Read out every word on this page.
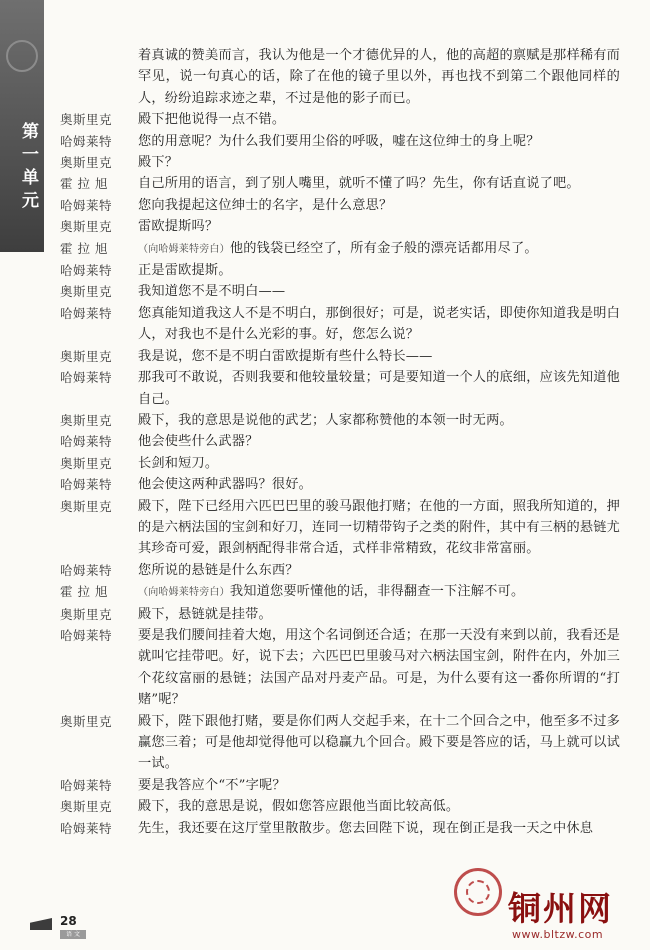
第一单元
着真诚的赞美而言，我认为他是一个才德优异的人，他的高超的禀赋是那样稀有而罕见，说一句真心的话，除了在他的镜子里以外，再也找不到第二个跟他同样的人，纷纷追踪求迹之辈，不过是他的影子而已。
奥斯里克	殿下把他说得一点不错。
哈姆莱特	您的用意呢？为什么我们要用尘俗的呼吸，嘘在这位绅士的身上呢？
奥斯里克	殿下？
霍 拉 旭	自己所用的语言，到了别人嘴里，就听不懂了吗？先生，你有话直说了吧。
哈姆莱特	您向我提起这位绅士的名字，是什么意思？
奥斯里克	雷欧提斯吗？
霍 拉 旭	（向哈姆莱特旁白）他的钱袋已经空了，所有金子般的漂亮话都用尽了。
哈姆莱特	正是雷欧提斯。
奥斯里克	我知道您不是不明白——
哈姆莱特	您真能知道我这人不是不明白，那倒很好；可是，说老实话，即使你知道我是明白人，对我也不是什么光彩的事。好，您怎么说？
奥斯里克	我是说，您不是不明白雷欧提斯有些什么特长——
哈姆莱特	那我可不敢说，否则我要和他较量较量；可是要知道一个人的底细，应该先知道他自己。
奥斯里克	殿下，我的意思是说他的武艺；人家都称赞他的本领一时无两。
哈姆莱特	他会使些什么武器？
奥斯里克	长剑和短刀。
哈姆莱特	他会使这两种武器吗？很好。
奥斯里克	殿下，陛下已经用六匹巴巴里的骏马跟他打赌；在他的一方面，照我所知道的，押的是六柄法国的宝剑和好刀，连同一切精带钩子之类的附件，其中有三柄的悬链尤其珍奇可爱，跟剑柄配得非常合适，式样非常精致，花纹非常富丽。
哈姆莱特	您所说的悬链是什么东西？
霍 拉 旭	（向哈姆莱特旁白）我知道您要听懂他的话，非得翻查一下注解不可。
奥斯里克	殿下，悬链就是挂带。
哈姆莱特	要是我们腰间挂着大炮，用这个名词倒还合适；在那一天没有来到以前，我看还是就叫它挂带吧。好，说下去；六匹巴巴里骏马对六柄法国宝剑，附件在内，外加三个花纹富丽的悬链；法国产品对丹麦产品。可是，为什么要有这一番你所谓的“打赌”呢？
奥斯里克	殿下，陛下跟他打赌，要是你们两人交起手来，在十二个回合之中，他至多不过多赢您三着；可是他却觉得他可以稳赢九个回合。殿下要是答应的话，马上就可以试一试。
哈姆莱特	要是我答应个“不”字呢？
奥斯里克	殿下，我的意思是说，假如您答应跟他当面比较高低。
哈姆莱特	先生，我还要在这厅堂里散散步。您去回陛下说，现在倒正是我一天之中休息
28
语 文
铜州网
www.bltzw.com
